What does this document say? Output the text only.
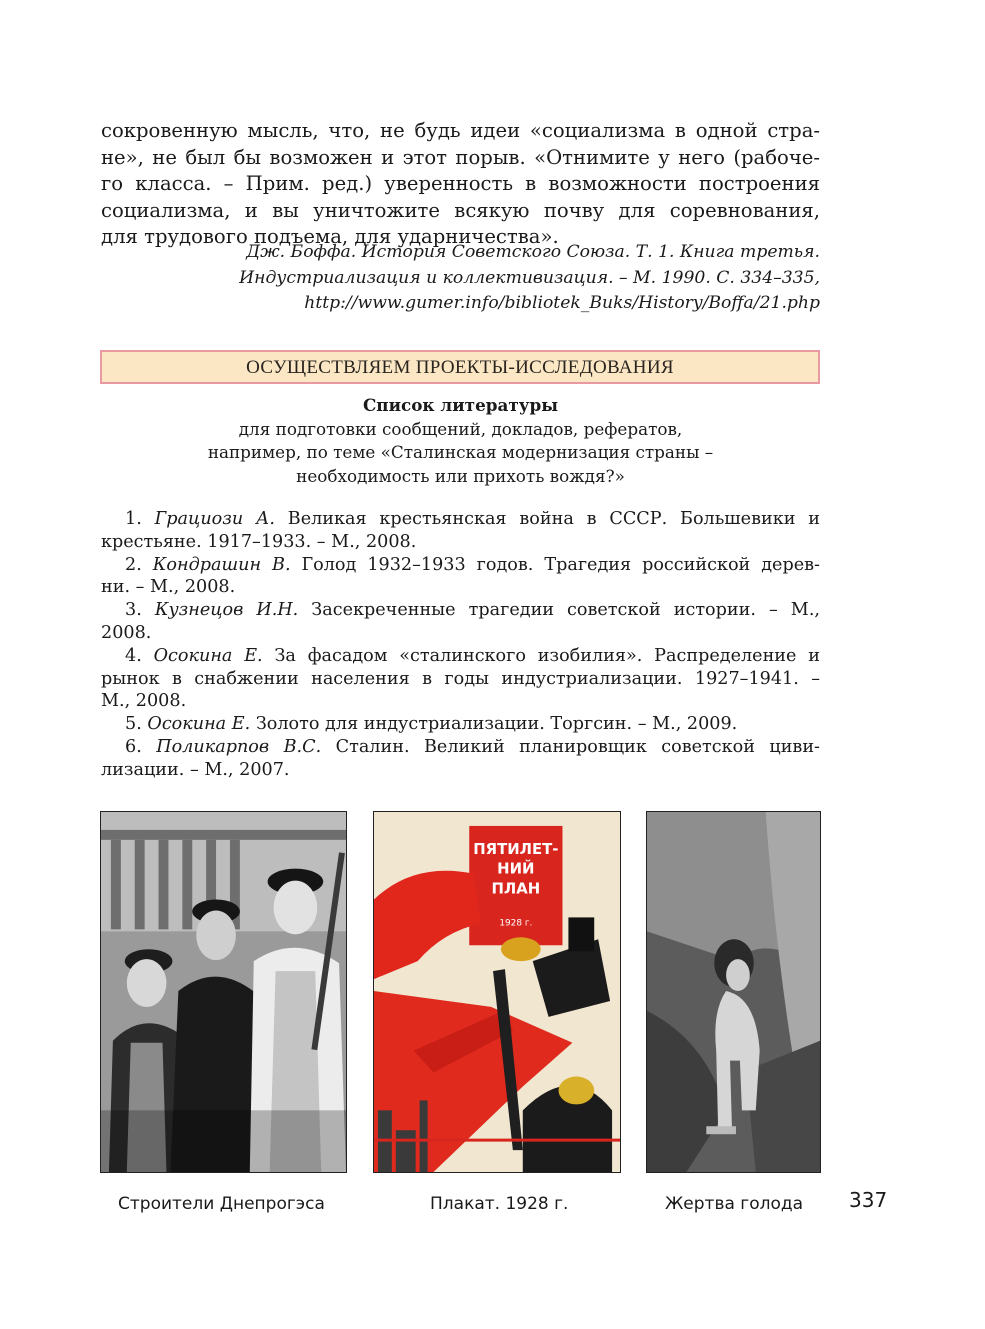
сокровенную мысль, что, не будь идеи «социализма в одной стра-
не», не был бы возможен и этот порыв. «Отнимите у него (рабоче-
го класса. – Прим. ред.) уверенность в возможности построения
социализма, и вы уничтожите всякую почву для соревнования,
для трудового подъема, для ударничества».
Дж. Боффа. История Советского Союза. Т. 1. Книга третья.
Индустриализация и коллективизация. – М. 1990. С. 334–335,
http://www.gumer.info/bibliotek_Buks/History/Boffa/21.php
ОСУЩЕСТВЛЯЕМ ПРОЕКТЫ-ИССЛЕДОВАНИЯ
Список литературы
для подготовки сообщений, докладов, рефератов,
например, по теме «Сталинская модернизация страны –
необходимость или прихоть вождя?»
1. Грациози А. Великая крестьянская война в СССР. Большевики и
крестьяне. 1917–1933. – М., 2008.
2. Кондрашин В. Голод 1932–1933 годов. Трагедия российской дерев-
ни. – М., 2008.
3. Кузнецов И.Н. Засекреченные трагедии советской истории. – М.,
2008.
4. Осокина Е. За фасадом «сталинского изобилия». Распределение и
рынок в снабжении населения в годы индустриализации. 1927–1941. –
М., 2008.
5. Осокина Е. Золото для индустриализации. Торгсин. – М., 2009.
6. Поликарпов В.С. Сталин. Великий планировщик советской циви-
лизации. – М., 2007.
ПЯТИЛЕТ-
НИЙ
ПЛАН
1928 г.
Строители Днепрогэса	Плакат. 1928 г.	Жертва голода 337
